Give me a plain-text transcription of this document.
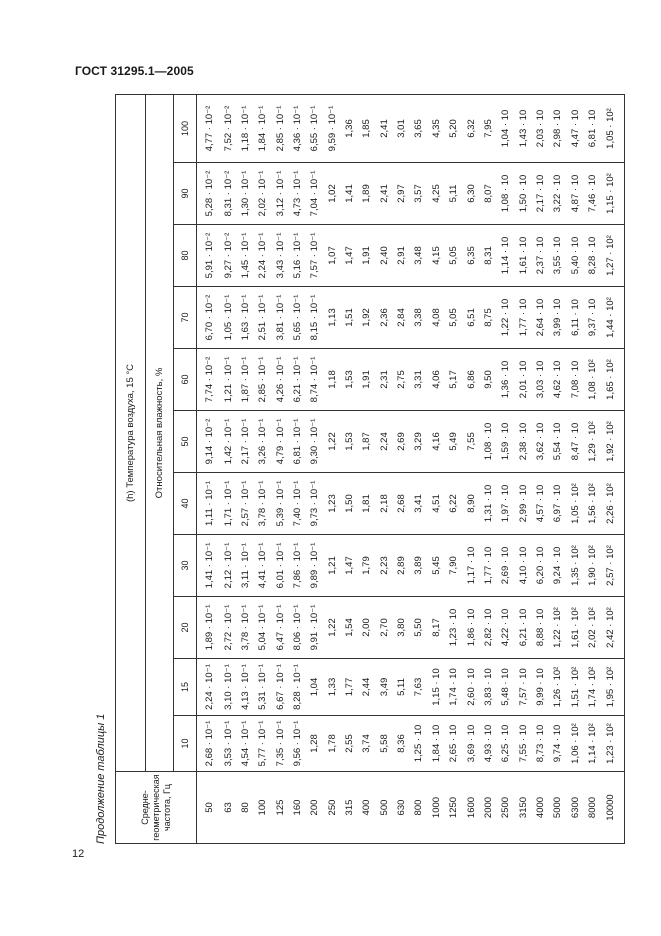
ГОСТ 31295.1—2005
12
Продолжение таблицы 1	Средне-
геометрическая
частота, Гц	(h) Температура воздуха, 15 °С										
	Относительная влажность, %										
	10	15	20	30	40	50	60	70	80	90	100
50	2,68 · 10⁻¹	2,24 · 10⁻¹	1,89 · 10⁻¹	1,41 · 10⁻¹	1,11 · 10⁻¹	9,14 · 10⁻²	7,74 · 10⁻²	6,70 · 10⁻²	5,91 · 10⁻²	5,28 · 10⁻²	4,77 · 10⁻²
63	3,53 · 10⁻¹	3,10 · 10⁻¹	2,72 · 10⁻¹	2,12 · 10⁻¹	1,71 · 10⁻¹	1,42 · 10⁻¹	1,21 · 10⁻¹	1,05 · 10⁻¹	9,27 · 10⁻²	8,31 · 10⁻²	7,52 · 10⁻²
80	4,54 · 10⁻¹	4,13 · 10⁻¹	3,78 · 10⁻¹	3,11 · 10⁻¹	2,57 · 10⁻¹	2,17 · 10⁻¹	1,87 · 10⁻¹	1,63 · 10⁻¹	1,45 · 10⁻¹	1,30 · 10⁻¹	1,18 · 10⁻¹
100	5,77 · 10⁻¹	5,31 · 10⁻¹	5,04 · 10⁻¹	4,41 · 10⁻¹	3,78 · 10⁻¹	3,26 · 10⁻¹	2,85 · 10⁻¹	2,51 · 10⁻¹	2,24 · 10⁻¹	2,02 · 10⁻¹	1,84 · 10⁻¹
125	7,35 · 10⁻¹	6,67 · 10⁻¹	6,47 · 10⁻¹	6,01 · 10⁻¹	5,39 · 10⁻¹	4,79 · 10⁻¹	4,26 · 10⁻¹	3,81 · 10⁻¹	3,43 · 10⁻¹	3,12 · 10⁻¹	2,85 · 10⁻¹
160	9,56 · 10⁻¹	8,28 · 10⁻¹	8,06 · 10⁻¹	7,86 · 10⁻¹	7,40 · 10⁻¹	6,81 · 10⁻¹	6,21 · 10⁻¹	5,65 · 10⁻¹	5,16 · 10⁻¹	4,73 · 10⁻¹	4,36 · 10⁻¹
200	1,28	1,04	9,91 · 10⁻¹	9,89 · 10⁻¹	9,73 · 10⁻¹	9,30 · 10⁻¹	8,74 · 10⁻¹	8,15 · 10⁻¹	7,57 · 10⁻¹	7,04 · 10⁻¹	6,55 · 10⁻¹
250	1,78	1,33	1,22	1,21	1,23	1,22	1,18	1,13	1,07	1,02	9,59 · 10⁻¹
315	2,55	1,77	1,54	1,47	1,50	1,53	1,53	1,51	1,47	1,41	1,36
400	3,74	2,44	2,00	1,79	1,81	1,87	1,91	1,92	1,91	1,89	1,85
500	5,58	3,49	2,70	2,23	2,18	2,24	2,31	2,36	2,40	2,41	2,41
630	8,36	5,11	3,80	2,89	2,68	2,69	2,75	2,84	2,91	2,97	3,01
800	1,25 · 10	7,63	5,50	3,89	3,41	3,29	3,31	3,38	3,48	3,57	3,65
1000	1,84 · 10	1,15 · 10	8,17	5,45	4,51	4,16	4,06	4,08	4,15	4,25	4,35
1250	2,65 · 10	1,74 · 10	1,23 · 10	7,90	6,22	5,49	5,17	5,05	5,05	5,11	5,20
1600	3,69 · 10	2,60 · 10	1,86 · 10	1,17 · 10	8,90	7,55	6,86	6,51	6,35	6,30	6,32
2000	4,93 · 10	3,83 · 10	2,82 · 10	1,77 · 10	1,31 · 10	1,08 · 10	9,50	8,75	8,31	8,07	7,95
2500	6,25 · 10	5,48 · 10	4,22 · 10	2,69 · 10	1,97 · 10	1,59 · 10	1,36 · 10	1,22 · 10	1,14 · 10	1,08 · 10	1,04 · 10
3150	7,55 · 10	7,57 · 10	6,21 · 10	4,10 · 10	2,99 · 10	2,38 · 10	2,01 · 10	1,77 · 10	1,61 · 10	1,50 · 10	1,43 · 10
4000	8,73 · 10	9,99 · 10	8,88 · 10	6,20 · 10	4,57 · 10	3,62 · 10	3,03 · 10	2,64 · 10	2,37 · 10	2,17 · 10	2,03 · 10
5000	9,74 · 10	1,26 · 10²	1,22 · 10²	9,24 · 10	6,97 · 10	5,54 · 10	4,62 · 10	3,99 · 10	3,55 · 10	3,22 · 10	2,98 · 10
6300	1,06 · 10²	1,51 · 10²	1,61 · 10²	1,35 · 10²	1,05 · 10²	8,47 · 10	7,08 · 10	6,11 · 10	5,40 · 10	4,87 · 10	4,47 · 10
8000	1,14 · 10²	1,74 · 10²	2,02 · 10²	1,90 · 10²	1,56 · 10²	1,29 · 10²	1,08 · 10²	9,37 · 10	8,28 · 10	7,46 · 10	6,81 · 10
10000	1,23 · 10²	1,95 · 10²	2,42 · 10²	2,57 · 10²	2,26 · 10²	1,92 · 10²	1,65 · 10²	1,44 · 10²	1,27 · 10²	1,15 · 10²	1,05 · 10²
